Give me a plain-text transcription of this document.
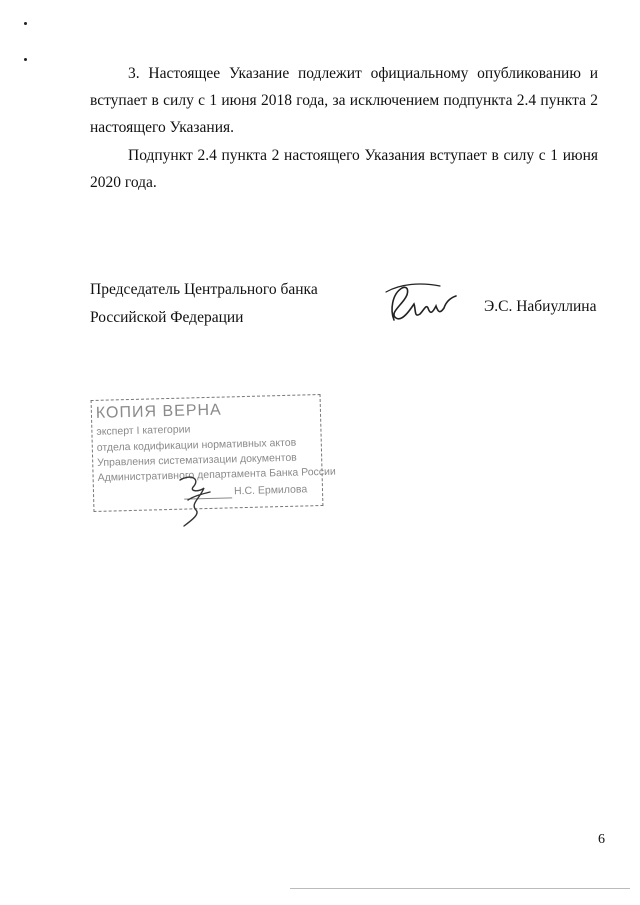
3. Настоящее Указание подлежит официальному опубликованию и вступает в силу с 1 июня 2018 года, за исключением подпункта 2.4 пункта 2 настоящего Указания.

Подпункт 2.4 пункта 2 настоящего Указания вступает в силу с 1 июня 2020 года.

Председатель Центрального банка
Российской Федерации
Э.С. Набиуллина
КОПИЯ ВЕРНА
эксперт I категории
отдела кодификации нормативных актов
Управления систематизации документов
Административного департамента Банка России
Н.С. Ермилова
6
